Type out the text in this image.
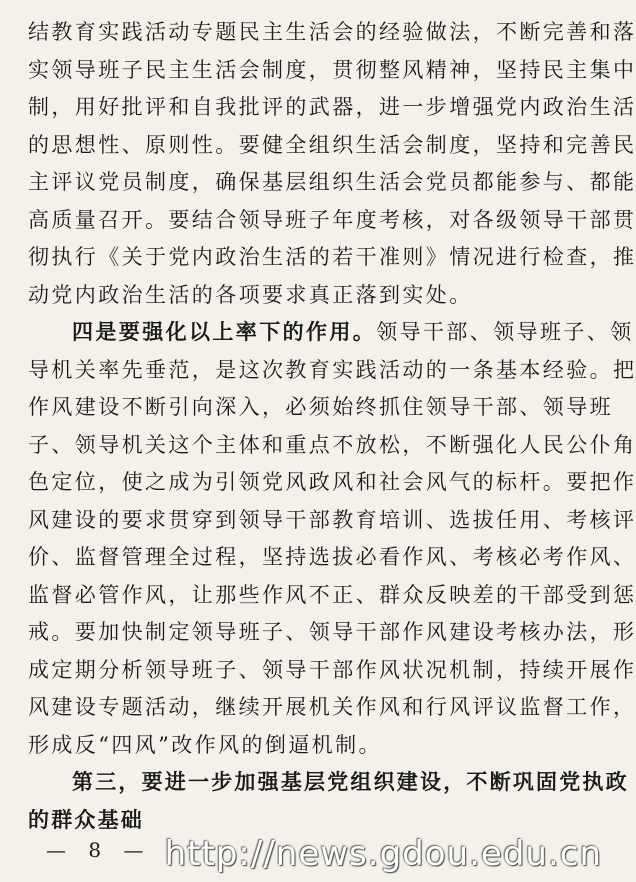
结教育实践活动专题民主生活会的经验做法，不断完善和落
实领导班子民主生活会制度，贯彻整风精神，坚持民主集中
制，用好批评和自我批评的武器，进一步增强党内政治生活
的思想性、原则性。要健全组织生活会制度，坚持和完善民
主评议党员制度，确保基层组织生活会党员都能参与、都能
高质量召开。要结合领导班子年度考核，对各级领导干部贯
彻执行《关于党内政治生活的若干准则》情况进行检查，推
动党内政治生活的各项要求真正落到实处。
四是要强化以上率下的作用。领导干部、领导班子、领
导机关率先垂范，是这次教育实践活动的一条基本经验。把
作风建设不断引向深入，必须始终抓住领导干部、领导班
子、领导机关这个主体和重点不放松，不断强化人民公仆角
色定位，使之成为引领党风政风和社会风气的标杆。要把作
风建设的要求贯穿到领导干部教育培训、选拔任用、考核评
价、监督管理全过程，坚持选拔必看作风、考核必考作风、
监督必管作风，让那些作风不正、群众反映差的干部受到惩
戒。要加快制定领导班子、领导干部作风建设考核办法，形
成定期分析领导班子、领导干部作风状况机制，持续开展作
风建设专题活动，继续开展机关作风和行风评议监督工作，
形成反“四风”改作风的倒逼机制。
第三，要进一步加强基层党组织建设，不断巩固党执政
的群众基础
— 8 — http://news.gdou.edu.cn
